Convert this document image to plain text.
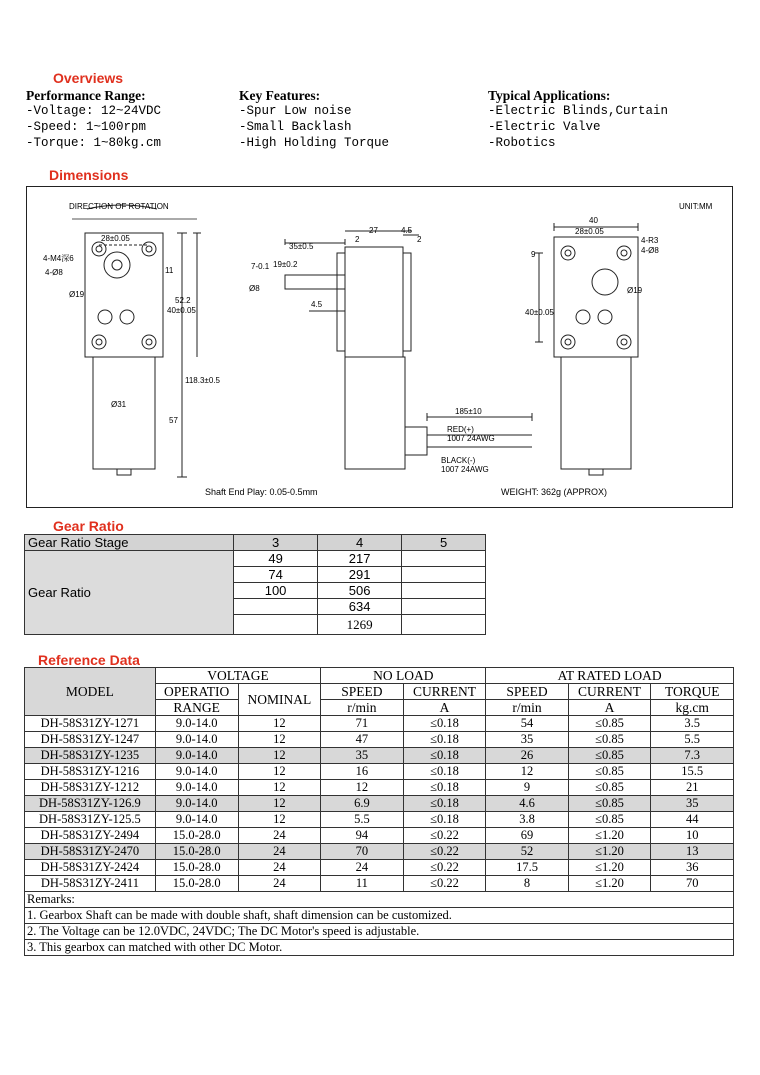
Overviews
Performance Range:
-Voltage: 12~24VDC
-Speed: 1~100rpm
-Torque: 1~80kg.cm
Key Features:
-Spur Low noise
-Small Backlash
-High Holding Torque
Typical Applications:
-Electric Blinds,Curtain
-Electric Valve
-Robotics
Dimensions
DIRECTION OF ROTATION	UNIT:MM
28±0.05
4-M4深6
4-Ø8
Ø19
Ø31
57
118.3±0.5
40±0.05
52.2
11
35±0.5
27	4.5
2	2
19±0.2
Ø8
7-0.1
4.5
185±10
RED(+)
1007 24AWG
BLACK(-)
1007 24AWG
40
28±0.05
4-R3
4-Ø8
Ø19
9
40±0.05
Shaft End Play: 0.05-0.5mm	WEIGHT: 362g (APPROX)
Gear Ratio
Gear Ratio Stage	3	4	5
Gear Ratio	49	217	
	74	291	
	100	506	
		634	
		1269	
Reference Data
MODEL	VOLTAGE		NO LOAD		AT RATED LOAD		
	OPERATIO	NOMINAL	SPEED	CURRENT	SPEED	CURRENT	TORQUE
	RANGE		r/min	A	r/min	A	kg.cm
DH-58S31ZY-1271	9.0-14.0	12	71	≤0.18	54	≤0.85	3.5
DH-58S31ZY-1247	9.0-14.0	12	47	≤0.18	35	≤0.85	5.5
DH-58S31ZY-1235	9.0-14.0	12	35	≤0.18	26	≤0.85	7.3
DH-58S31ZY-1216	9.0-14.0	12	16	≤0.18	12	≤0.85	15.5
DH-58S31ZY-1212	9.0-14.0	12	12	≤0.18	9	≤0.85	21
DH-58S31ZY-126.9	9.0-14.0	12	6.9	≤0.18	4.6	≤0.85	35
DH-58S31ZY-125.5	9.0-14.0	12	5.5	≤0.18	3.8	≤0.85	44
DH-58S31ZY-2494	15.0-28.0	24	94	≤0.22	69	≤1.20	10
DH-58S31ZY-2470	15.0-28.0	24	70	≤0.22	52	≤1.20	13
DH-58S31ZY-2424	15.0-28.0	24	24	≤0.22	17.5	≤1.20	36
DH-58S31ZY-2411	15.0-28.0	24	11	≤0.22	8	≤1.20	70
Remarks:							
1. Gearbox Shaft can be made with double shaft, shaft dimension can be customized.							
2. The Voltage can be 12.0VDC, 24VDC; The DC Motor's speed is adjustable.							
3. This gearbox can matched with other DC Motor.							
